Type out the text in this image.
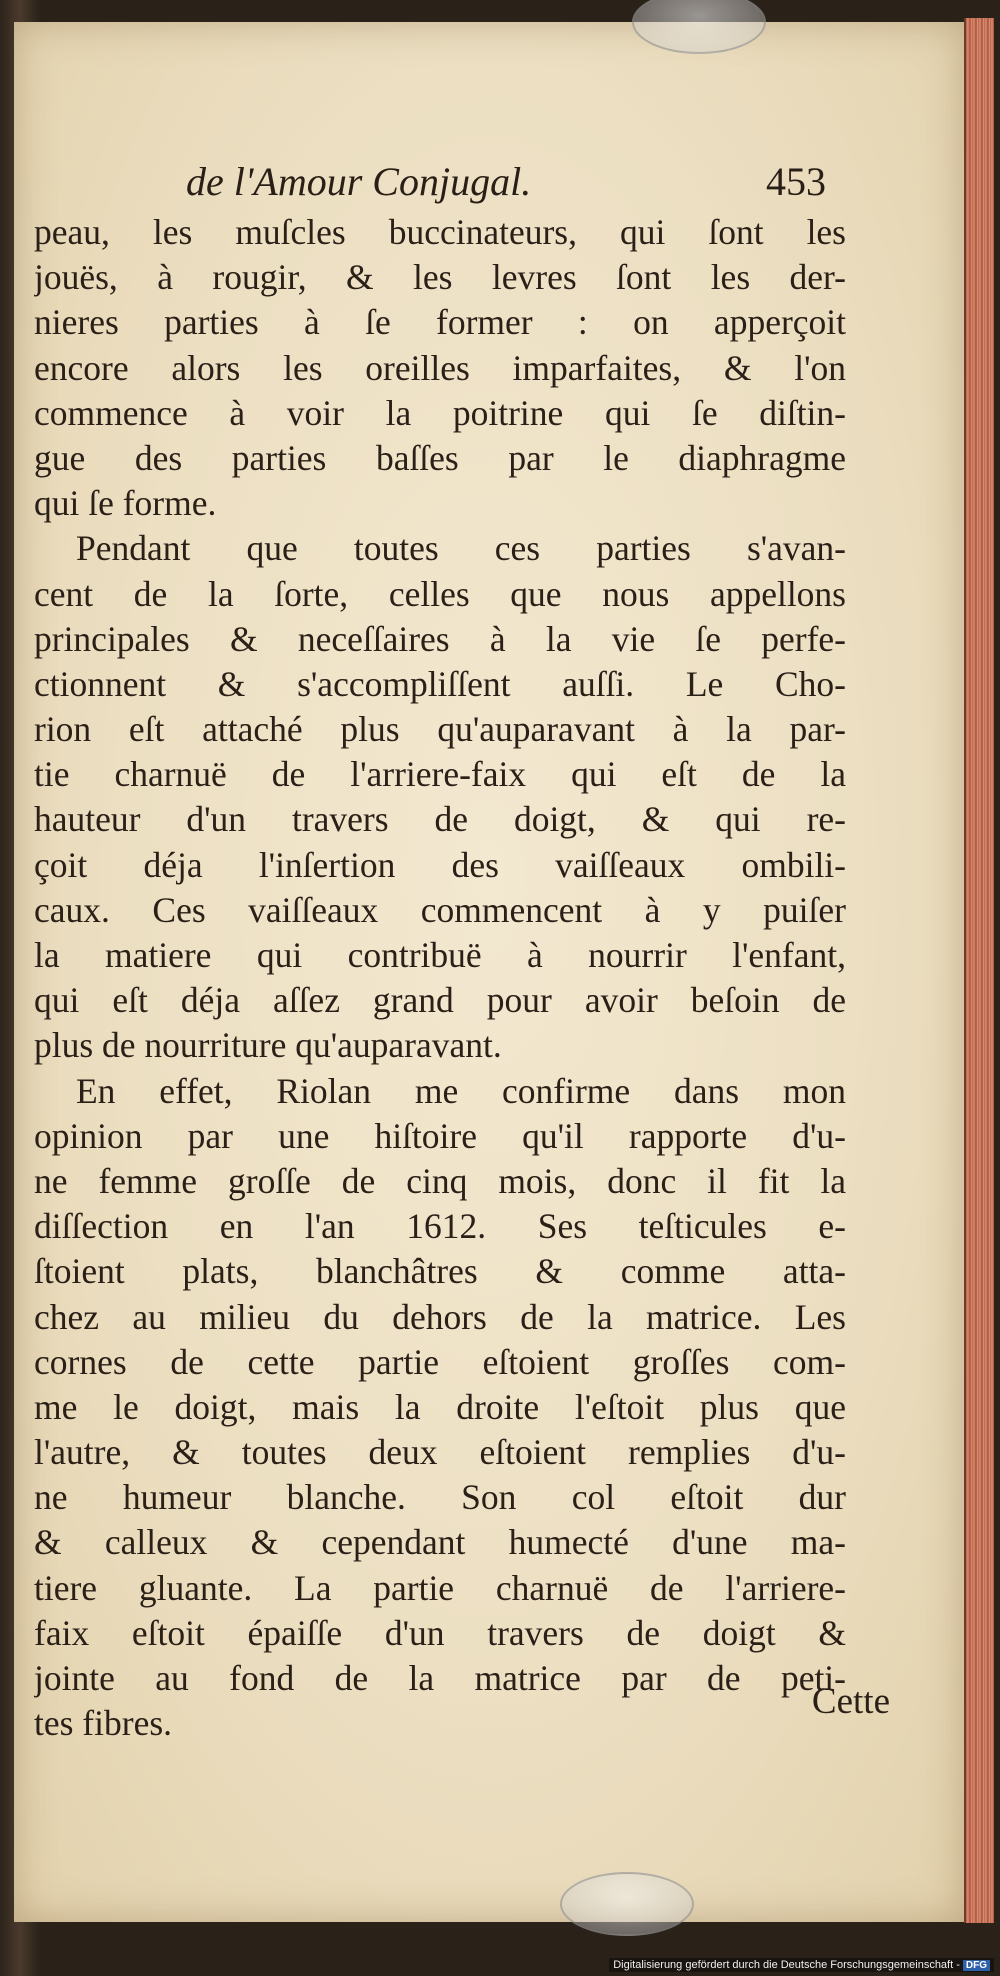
de l'Amour Conjugal.	453
peau, les muſcles buccinateurs, qui ſont les
jouës, à rougir, & les levres ſont les der-
nieres parties à ſe former : on apperçoit
encore alors les oreilles imparfaites, & l'on
commence à voir la poitrine qui ſe diſtin-
gue des parties baſſes par le diaphragme
qui ſe forme.
Pendant que toutes ces parties s'avan-
cent de la ſorte, celles que nous appellons
principales & neceſſaires à la vie ſe perfe-
ctionnent & s'accompliſſent auſſi. Le Cho-
rion eſt attaché plus qu'auparavant à la par-
tie charnuë de l'arriere-faix qui eſt de la
hauteur d'un travers de doigt, & qui re-
çoit déja l'inſertion des vaiſſeaux ombili-
caux. Ces vaiſſeaux commencent à y puiſer
la matiere qui contribuë à nourrir l'enfant,
qui eſt déja aſſez grand pour avoir beſoin de
plus de nourriture qu'auparavant.
En effet, Riolan me confirme dans mon
opinion par une hiſtoire qu'il rapporte d'u-
ne femme groſſe de cinq mois, donc il fit la
diſſection en l'an 1612. Ses teſticules e-
ſtoient plats, blanchâtres & comme atta-
chez au milieu du dehors de la matrice. Les
cornes de cette partie eſtoient groſſes com-
me le doigt, mais la droite l'eſtoit plus que
l'autre, & toutes deux eſtoient remplies d'u-
ne humeur blanche. Son col eſtoit dur
& calleux & cependant humecté d'une ma-
tiere gluante. La partie charnuë de l'arriere-
faix eſtoit épaiſſe d'un travers de doigt &
jointe au fond de la matrice par de peti-
tes fibres.
Cette
Digitalisierung gefördert durch die Deutsche Forschungsgemeinschaft - DFG
